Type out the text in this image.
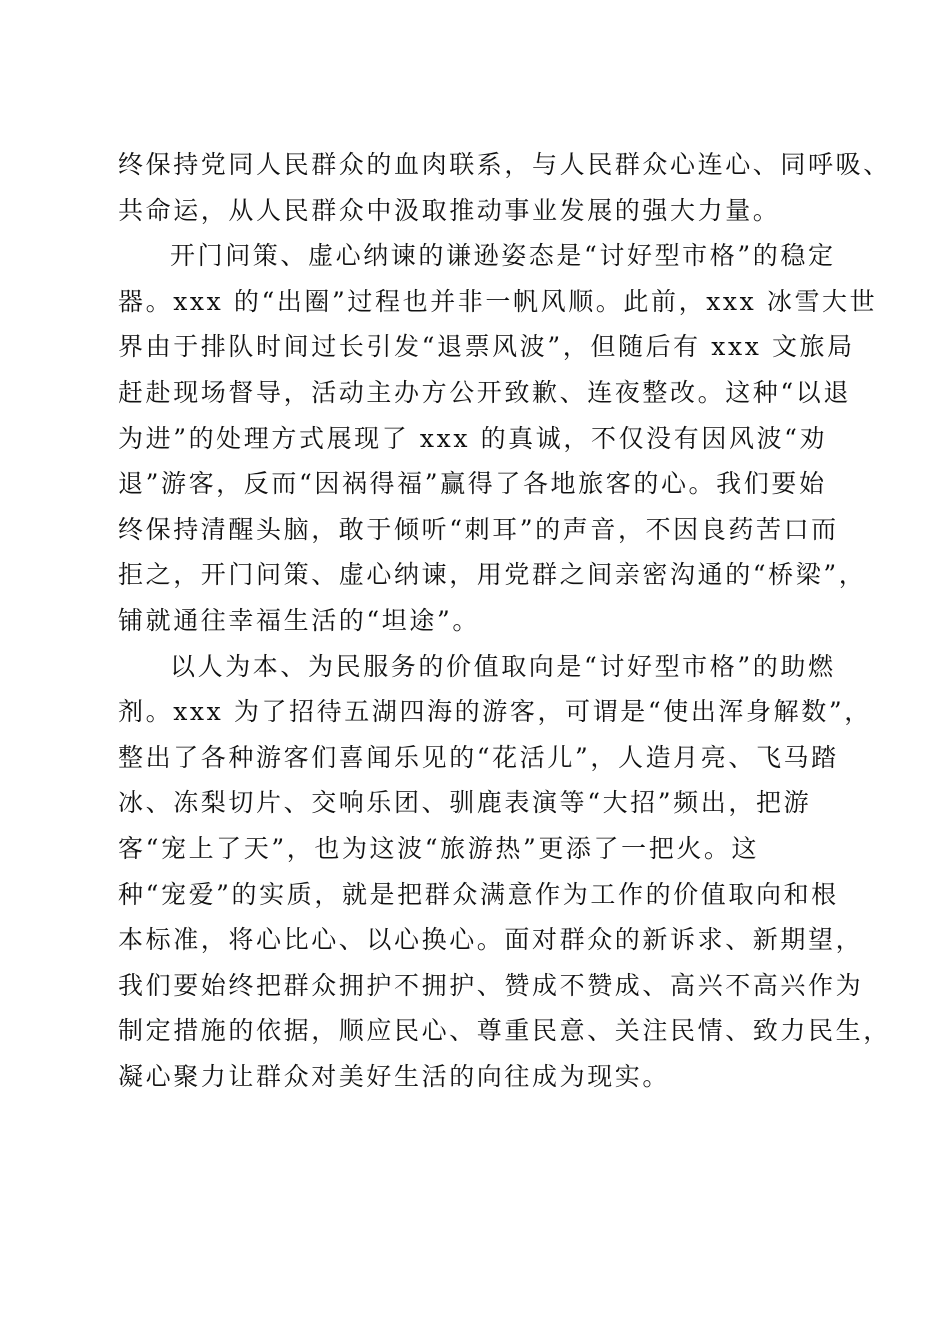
终保持党同人民群众的血肉联系，与人民群众心连心、同呼吸、
共命运，从人民群众中汲取推动事业发展的强大力量。
开门问策、虚心纳谏的谦逊姿态是“讨好型市格”的稳定
器。xxx 的“出圈”过程也并非一帆风顺。此前，xxx 冰雪大世
界由于排队时间过长引发“退票风波”，但随后有 xxx 文旅局
赶赴现场督导，活动主办方公开致歉、连夜整改。这种“以退
为进”的处理方式展现了 xxx 的真诚，不仅没有因风波“劝
退”游客，反而“因祸得福”赢得了各地旅客的心。我们要始
终保持清醒头脑，敢于倾听“刺耳”的声音，不因良药苦口而
拒之，开门问策、虚心纳谏，用党群之间亲密沟通的“桥梁”，
铺就通往幸福生活的“坦途”。
以人为本、为民服务的价值取向是“讨好型市格”的助燃
剂。xxx 为了招待五湖四海的游客，可谓是“使出浑身解数”，
整出了各种游客们喜闻乐见的“花活儿”，人造月亮、飞马踏
冰、冻梨切片、交响乐团、驯鹿表演等“大招”频出，把游
客“宠上了天”，也为这波“旅游热”更添了一把火。这
种“宠爱”的实质，就是把群众满意作为工作的价值取向和根
本标准，将心比心、以心换心。面对群众的新诉求、新期望，
我们要始终把群众拥护不拥护、赞成不赞成、高兴不高兴作为
制定措施的依据，顺应民心、尊重民意、关注民情、致力民生，
凝心聚力让群众对美好生活的向往成为现实。
